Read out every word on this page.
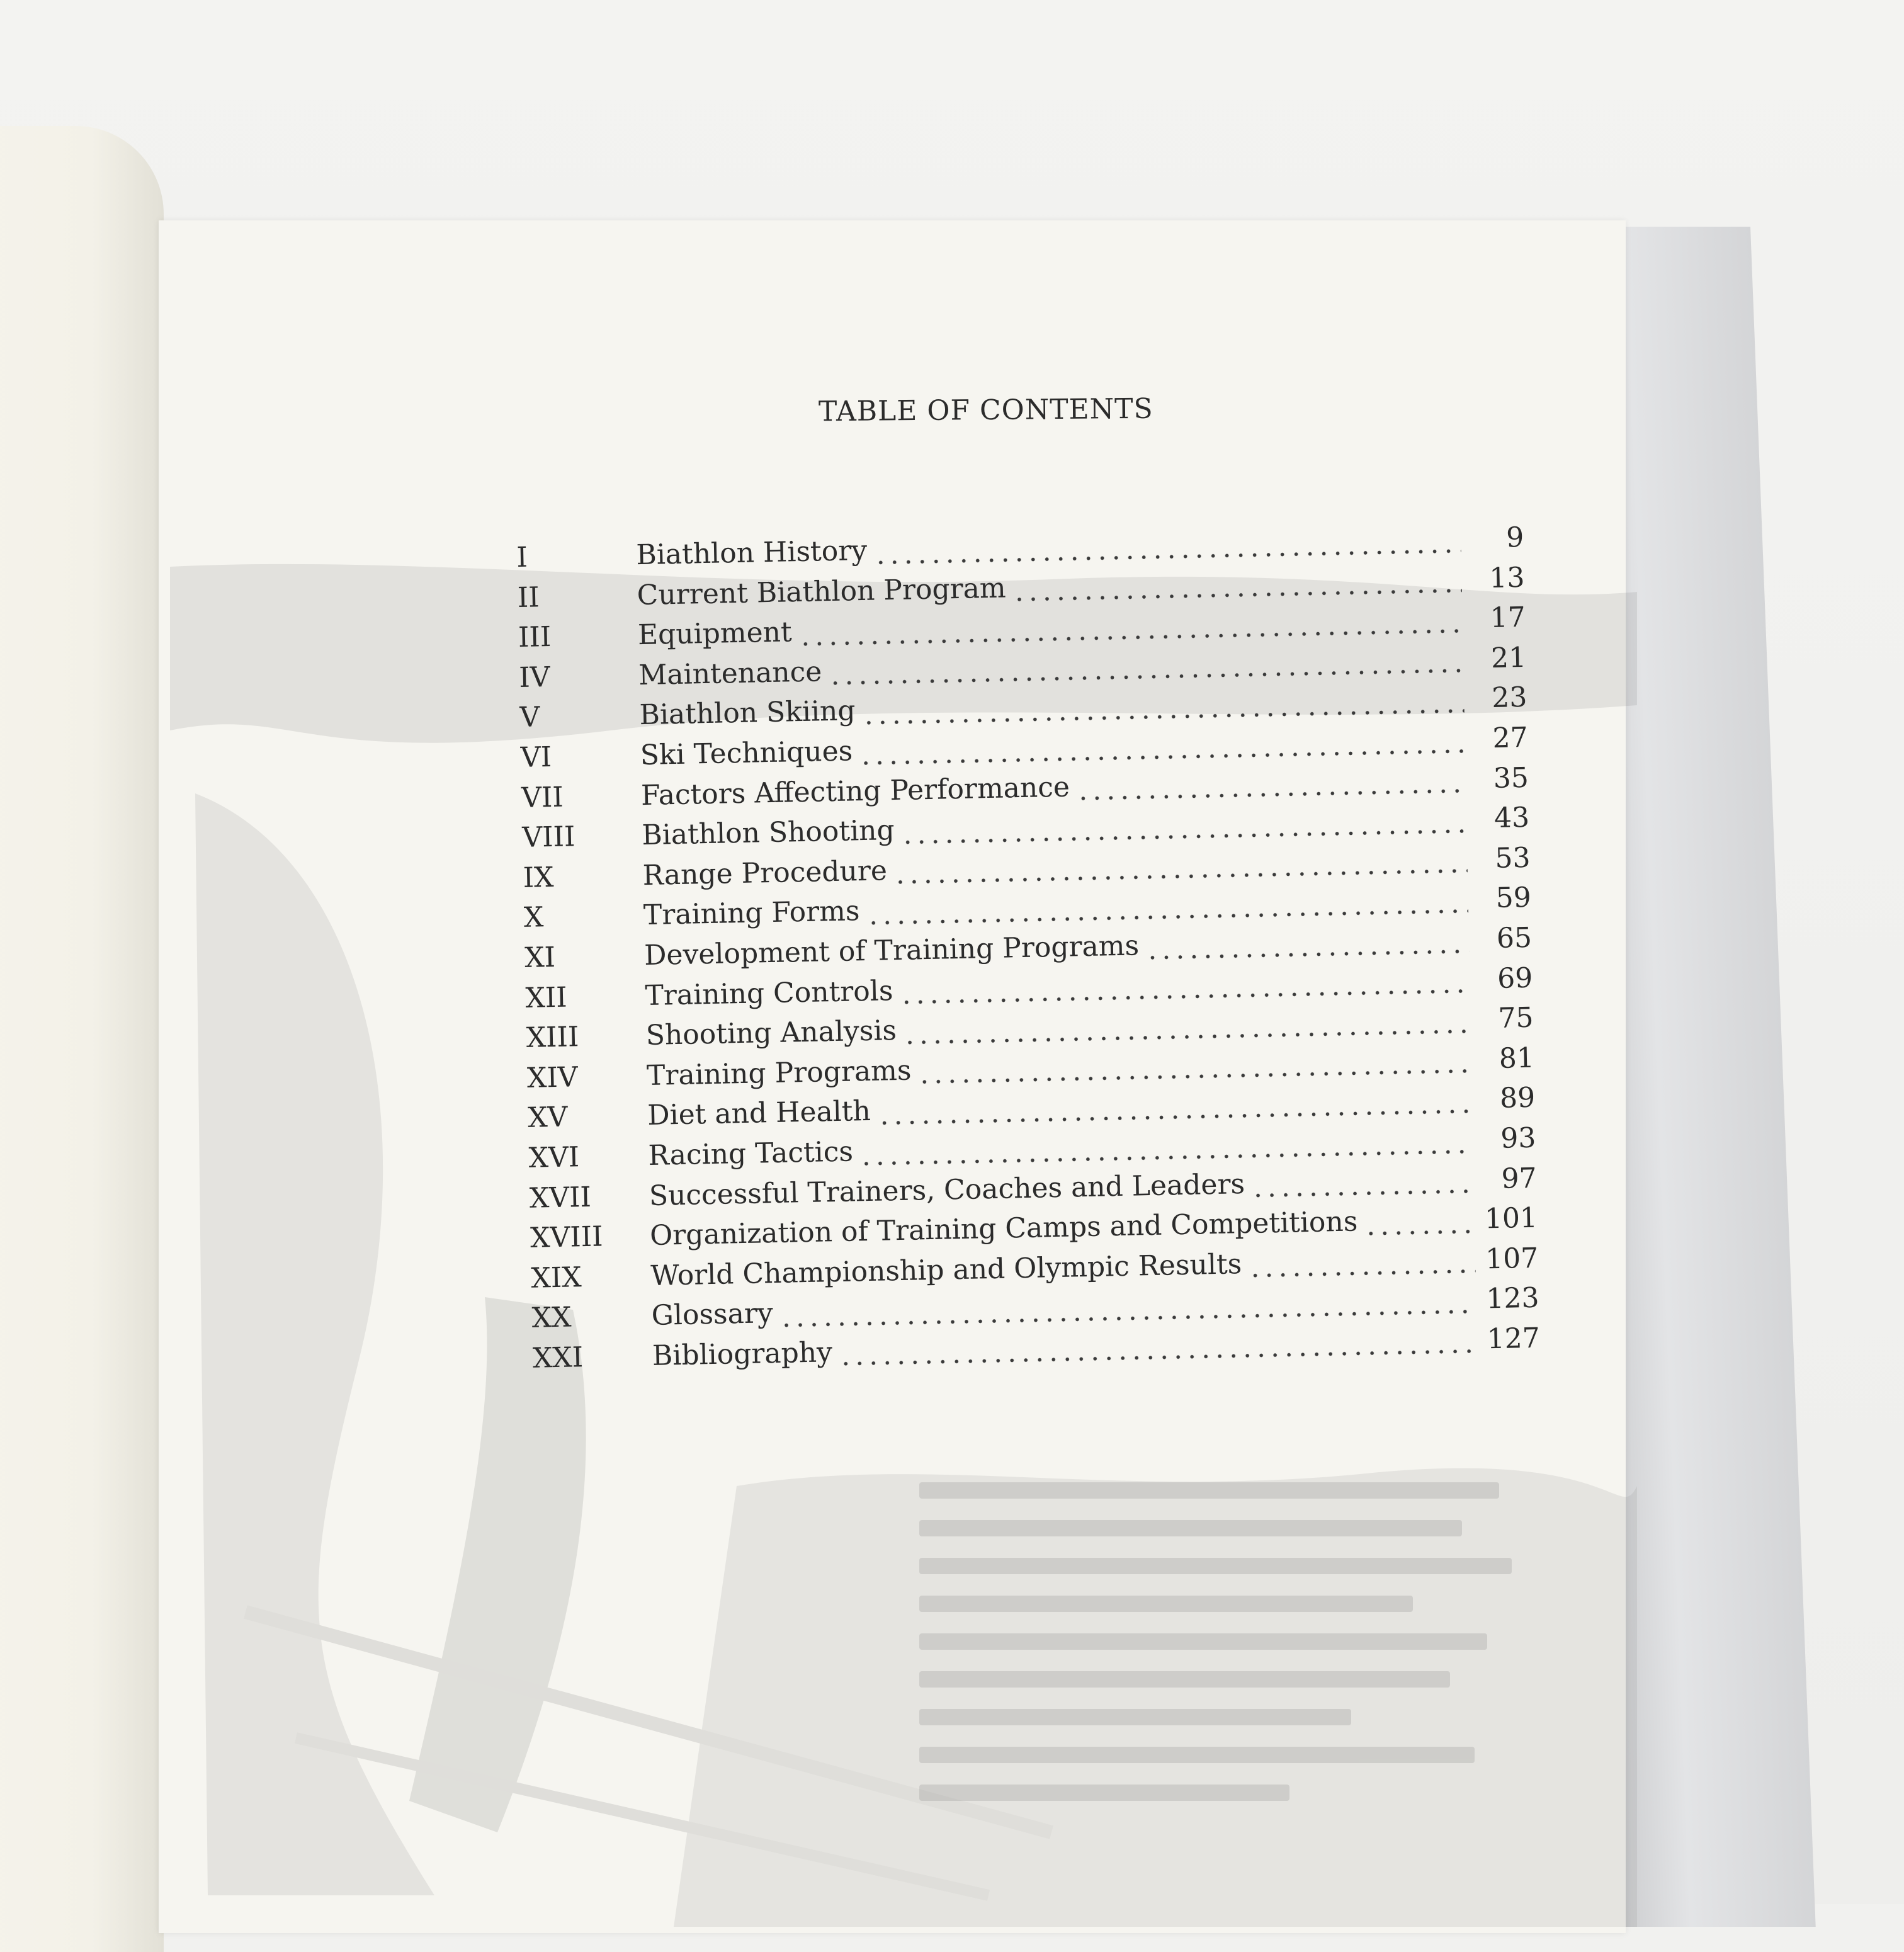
TABLE OF CONTENTS
I	Biathlon History	9
II	Current Biathlon Program	13
III	Equipment	17
IV	Maintenance	21
V	Biathlon Skiing	23
VI	Ski Techniques	27
VII	Factors Affecting Performance	35
VIII	Biathlon Shooting	43
IX	Range Procedure	53
X	Training Forms	59
XI	Development of Training Programs	65
XII	Training Controls	69
XIII	Shooting Analysis	75
XIV	Training Programs	81
XV	Diet and Health	89
XVI	Racing Tactics	93
XVII	Successful Trainers, Coaches and Leaders	97
XVIII	Organization of Training Camps and Competitions	101
XIX	World Championship and Olympic Results	107
XX	Glossary	123
XXI	Bibliography	127
